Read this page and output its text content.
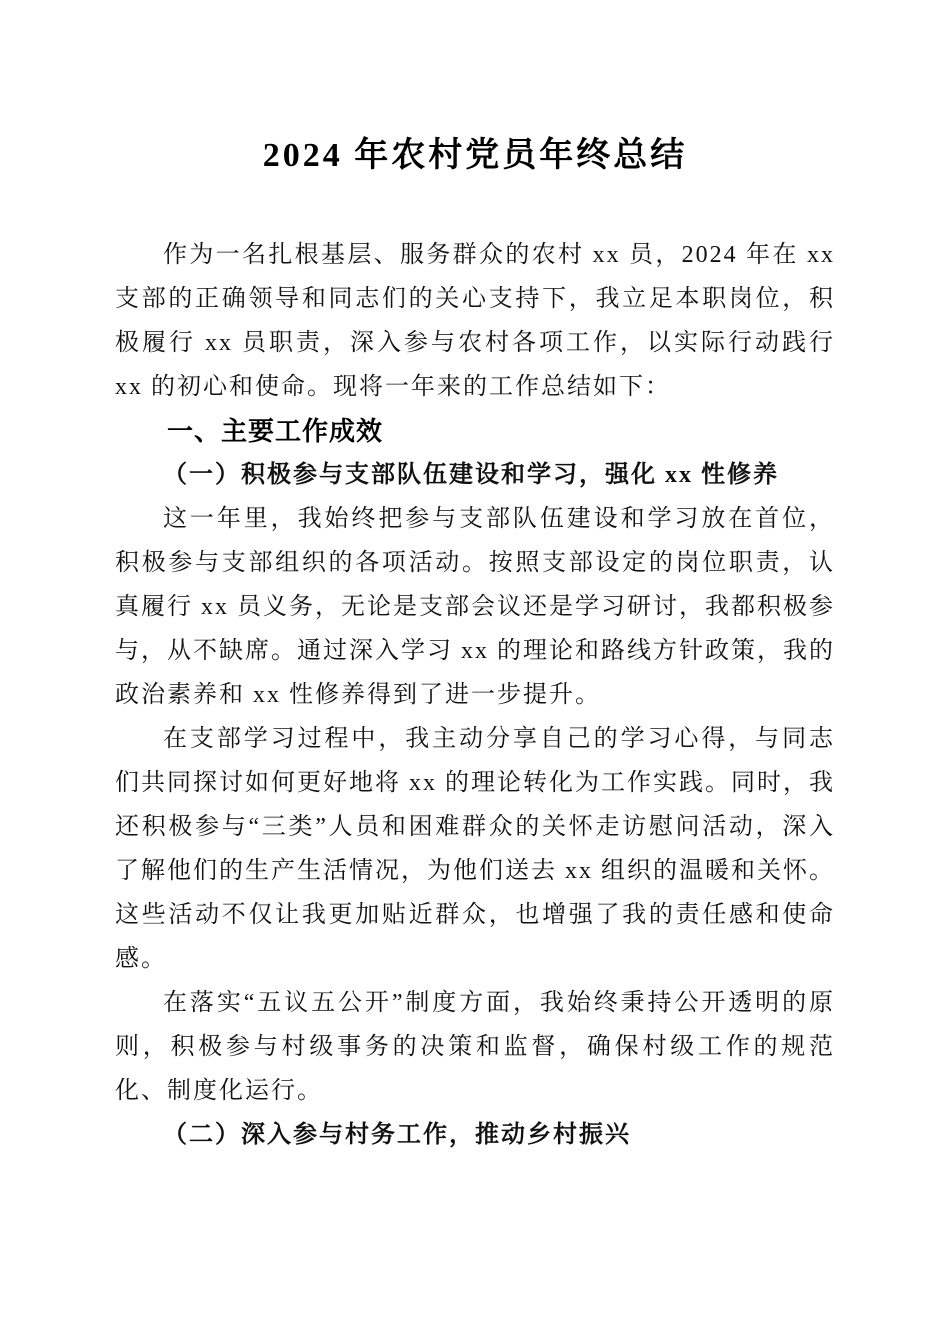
2024 年农村党员年终总结

作为一名扎根基层、服务群众的农村 xx 员，2024 年在 xx 支部的正确领导和同志们的关心支持下，我立足本职岗位，积极履行 xx 员职责，深入参与农村各项工作，以实际行动践行 xx 的初心和使命。现将一年来的工作总结如下：

一、主要工作成效
（一）积极参与支部队伍建设和学习，强化 xx 性修养

这一年里，我始终把参与支部队伍建设和学习放在首位，积极参与支部组织的各项活动。按照支部设定的岗位职责，认真履行 xx 员义务，无论是支部会议还是学习研讨，我都积极参与，从不缺席。通过深入学习 xx 的理论和路线方针政策，我的政治素养和 xx 性修养得到了进一步提升。

在支部学习过程中，我主动分享自己的学习心得，与同志们共同探讨如何更好地将 xx 的理论转化为工作实践。同时，我还积极参与“三类”人员和困难群众的关怀走访慰问活动，深入了解他们的生产生活情况，为他们送去 xx 组织的温暖和关怀。这些活动不仅让我更加贴近群众，也增强了我的责任感和使命感。

在落实“五议五公开”制度方面，我始终秉持公开透明的原则，积极参与村级事务的决策和监督，确保村级工作的规范化、制度化运行。

（二）深入参与村务工作，推动乡村振兴
